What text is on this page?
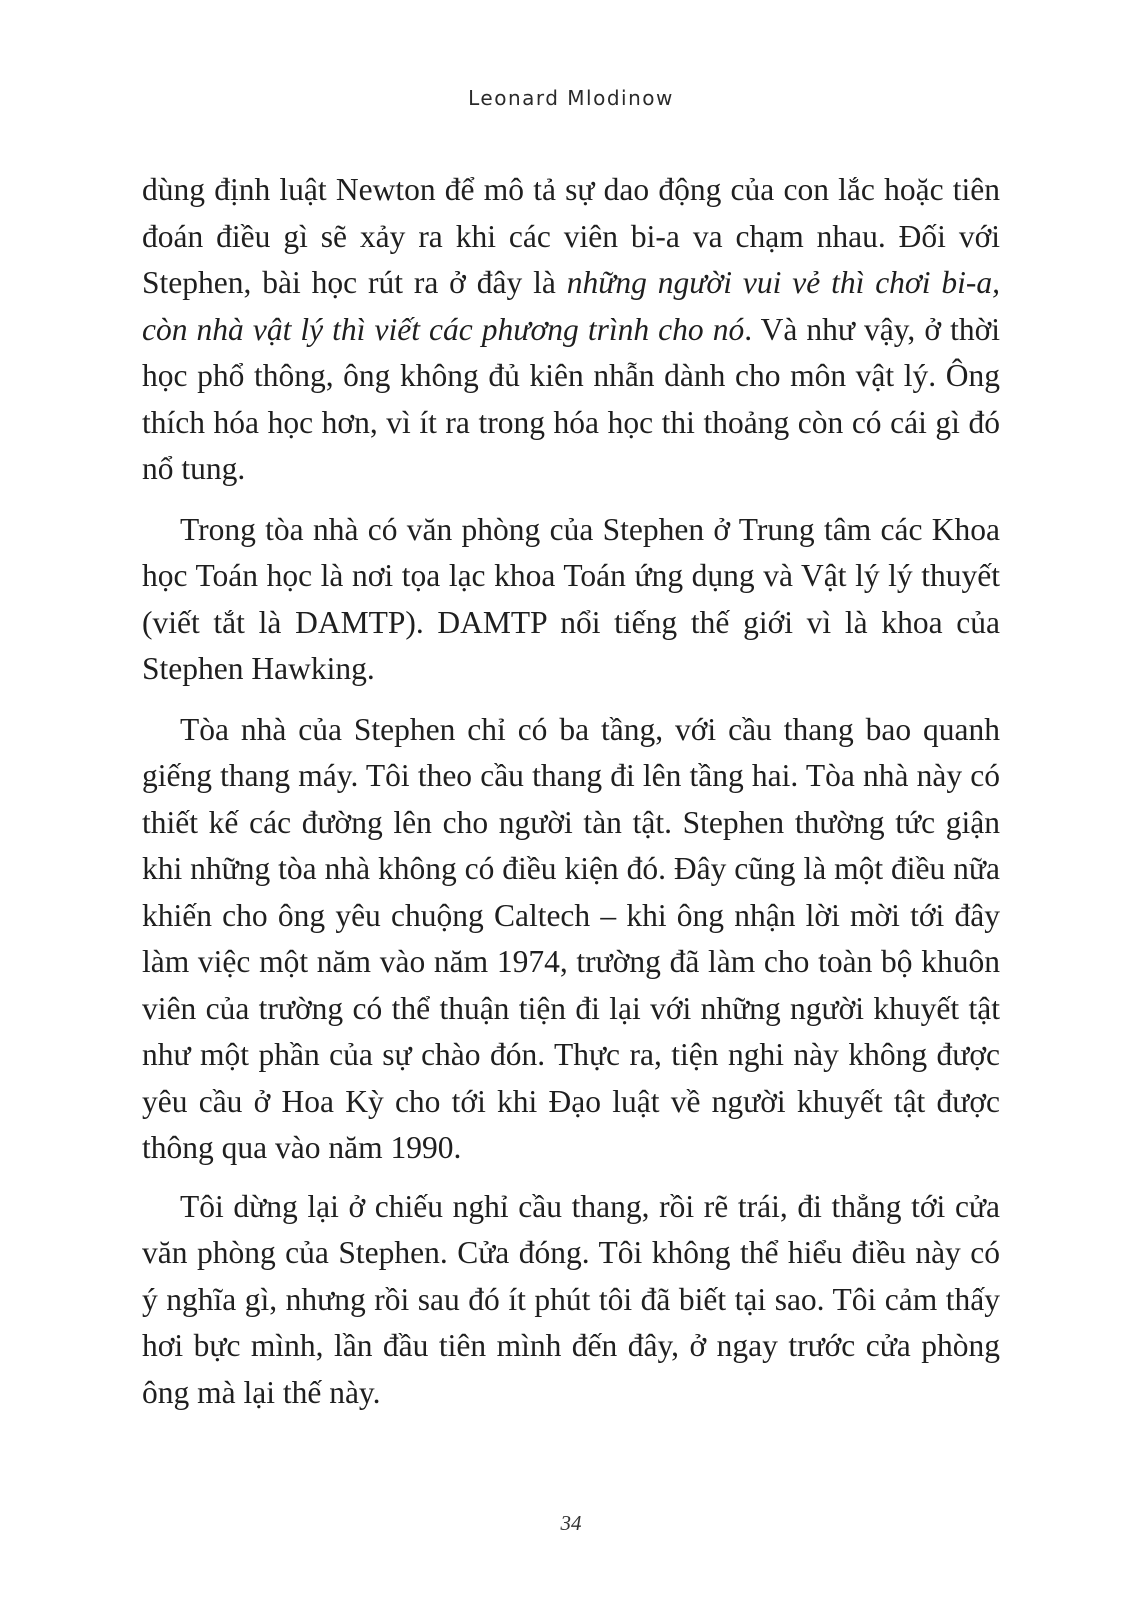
Leonard Mlodinow

dùng định luật Newton để mô tả sự dao động của con lắc hoặc tiên đoán điều gì sẽ xảy ra khi các viên bi-a va chạm nhau. Đối với Stephen, bài học rút ra ở đây là những người vui vẻ thì chơi bi-a, còn nhà vật lý thì viết các phương trình cho nó. Và như vậy, ở thời học phổ thông, ông không đủ kiên nhẫn dành cho môn vật lý. Ông thích hóa học hơn, vì ít ra trong hóa học thi thoảng còn có cái gì đó nổ tung.

Trong tòa nhà có văn phòng của Stephen ở Trung tâm các Khoa học Toán học là nơi tọa lạc khoa Toán ứng dụng và Vật lý lý thuyết (viết tắt là DAMTP). DAMTP nổi tiếng thế giới vì là khoa của Stephen Hawking.

Tòa nhà của Stephen chỉ có ba tầng, với cầu thang bao quanh giếng thang máy. Tôi theo cầu thang đi lên tầng hai. Tòa nhà này có thiết kế các đường lên cho người tàn tật. Stephen thường tức giận khi những tòa nhà không có điều kiện đó. Đây cũng là một điều nữa khiến cho ông yêu chuộng Caltech – khi ông nhận lời mời tới đây làm việc một năm vào năm 1974, trường đã làm cho toàn bộ khuôn viên của trường có thể thuận tiện đi lại với những người khuyết tật như một phần của sự chào đón. Thực ra, tiện nghi này không được yêu cầu ở Hoa Kỳ cho tới khi Đạo luật về người khuyết tật được thông qua vào năm 1990.

Tôi dừng lại ở chiếu nghỉ cầu thang, rồi rẽ trái, đi thẳng tới cửa văn phòng của Stephen. Cửa đóng. Tôi không thể hiểu điều này có ý nghĩa gì, nhưng rồi sau đó ít phút tôi đã biết tại sao. Tôi cảm thấy hơi bực mình, lần đầu tiên mình đến đây, ở ngay trước cửa phòng ông mà lại thế này.

34
